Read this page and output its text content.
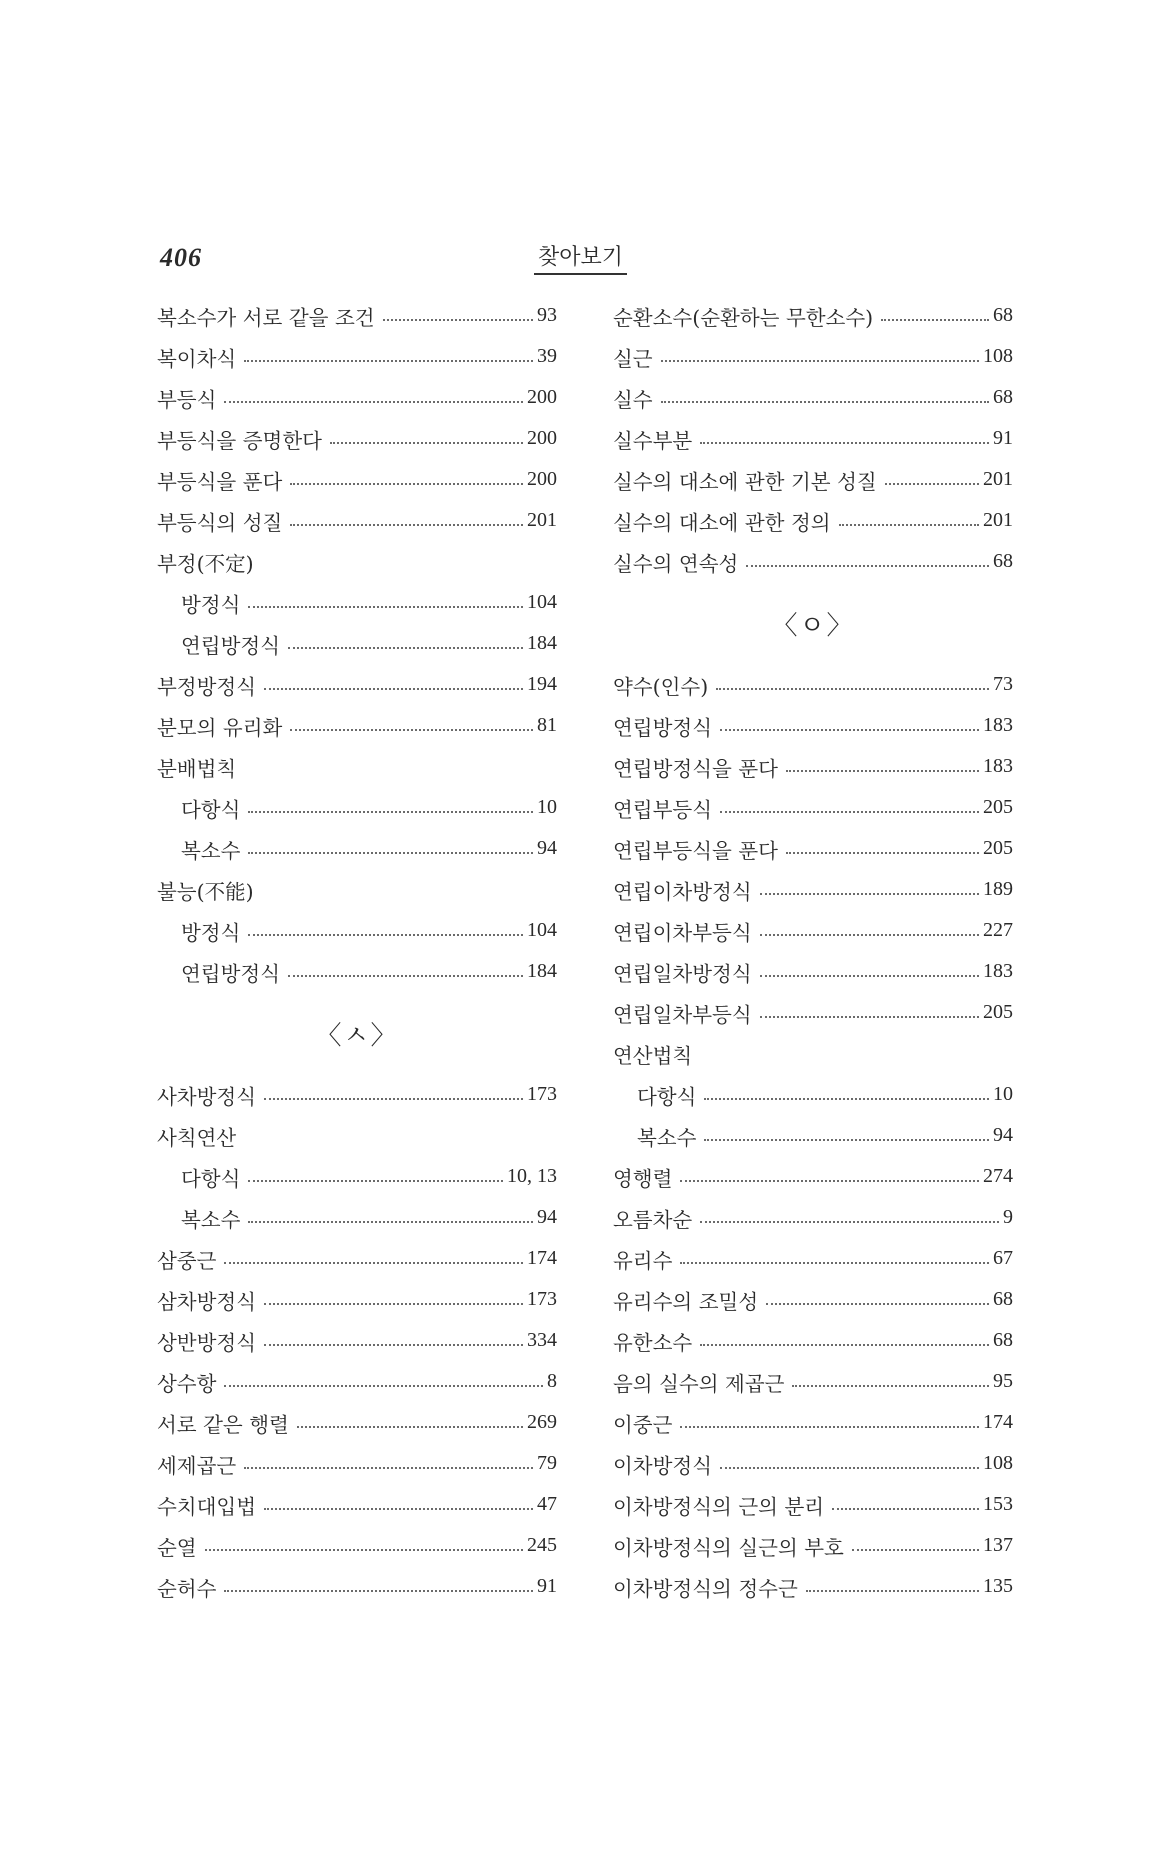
406	찾아보기
복소수가 서로 같을 조건	93
복이차식	39
부등식	200
부등식을 증명한다	200
부등식을 푼다	200
부등식의 성질	201
부정(不定)
방정식	104
연립방정식	184
부정방정식	194
분모의 유리화	81
분배법칙
다항식	10
복소수	94
불능(不能)
방정식	104
연립방정식	184
〈ㅅ〉
사차방정식	173
사칙연산
다항식	10, 13
복소수	94
삼중근	174
삼차방정식	173
상반방정식	334
상수항	8
서로 같은 행렬	269
세제곱근	79
수치대입법	47
순열	245
순허수	91
순환소수(순환하는 무한소수)	68
실근	108
실수	68
실수부분	91
실수의 대소에 관한 기본 성질	201
실수의 대소에 관한 정의	201
실수의 연속성	68
〈ㅇ〉
약수(인수)	73
연립방정식	183
연립방정식을 푼다	183
연립부등식	205
연립부등식을 푼다	205
연립이차방정식	189
연립이차부등식	227
연립일차방정식	183
연립일차부등식	205
연산법칙
다항식	10
복소수	94
영행렬	274
오름차순	9
유리수	67
유리수의 조밀성	68
유한소수	68
음의 실수의 제곱근	95
이중근	174
이차방정식	108
이차방정식의 근의 분리	153
이차방정식의 실근의 부호	137
이차방정식의 정수근	135
